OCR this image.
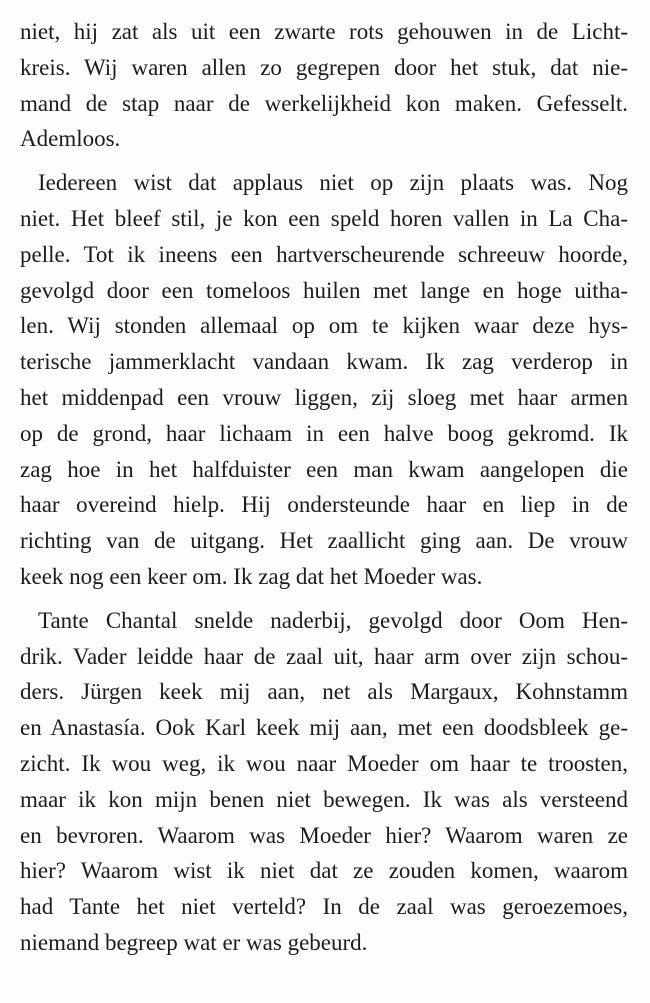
niet, hij zat als uit een zwarte rots gehouwen in de Licht-
kreis. Wij waren allen zo gegrepen door het stuk, dat nie-
mand de stap naar de werkelijkheid kon maken. Gefesselt.
Ademloos.
Iedereen wist dat applaus niet op zijn plaats was. Nog
niet. Het bleef stil, je kon een speld horen vallen in La Cha-
pelle. Tot ik ineens een hartverscheurende schreeuw hoorde,
gevolgd door een tomeloos huilen met lange en hoge uitha-
len. Wij stonden allemaal op om te kijken waar deze hys-
terische jammerklacht vandaan kwam. Ik zag verderop in
het middenpad een vrouw liggen, zij sloeg met haar armen
op de grond, haar lichaam in een halve boog gekromd. Ik
zag hoe in het halfduister een man kwam aangelopen die
haar overeind hielp. Hij ondersteunde haar en liep in de
richting van de uitgang. Het zaallicht ging aan. De vrouw
keek nog een keer om. Ik zag dat het Moeder was.
Tante Chantal snelde naderbij, gevolgd door Oom Hen-
drik. Vader leidde haar de zaal uit, haar arm over zijn schou-
ders. Jürgen keek mij aan, net als Margaux, Kohnstamm
en Anastasía. Ook Karl keek mij aan, met een doodsbleek ge-
zicht. Ik wou weg, ik wou naar Moeder om haar te troosten,
maar ik kon mijn benen niet bewegen. Ik was als versteend
en bevroren. Waarom was Moeder hier? Waarom waren ze
hier? Waarom wist ik niet dat ze zouden komen, waarom
had Tante het niet verteld? In de zaal was geroezemoes,
niemand begreep wat er was gebeurd.
